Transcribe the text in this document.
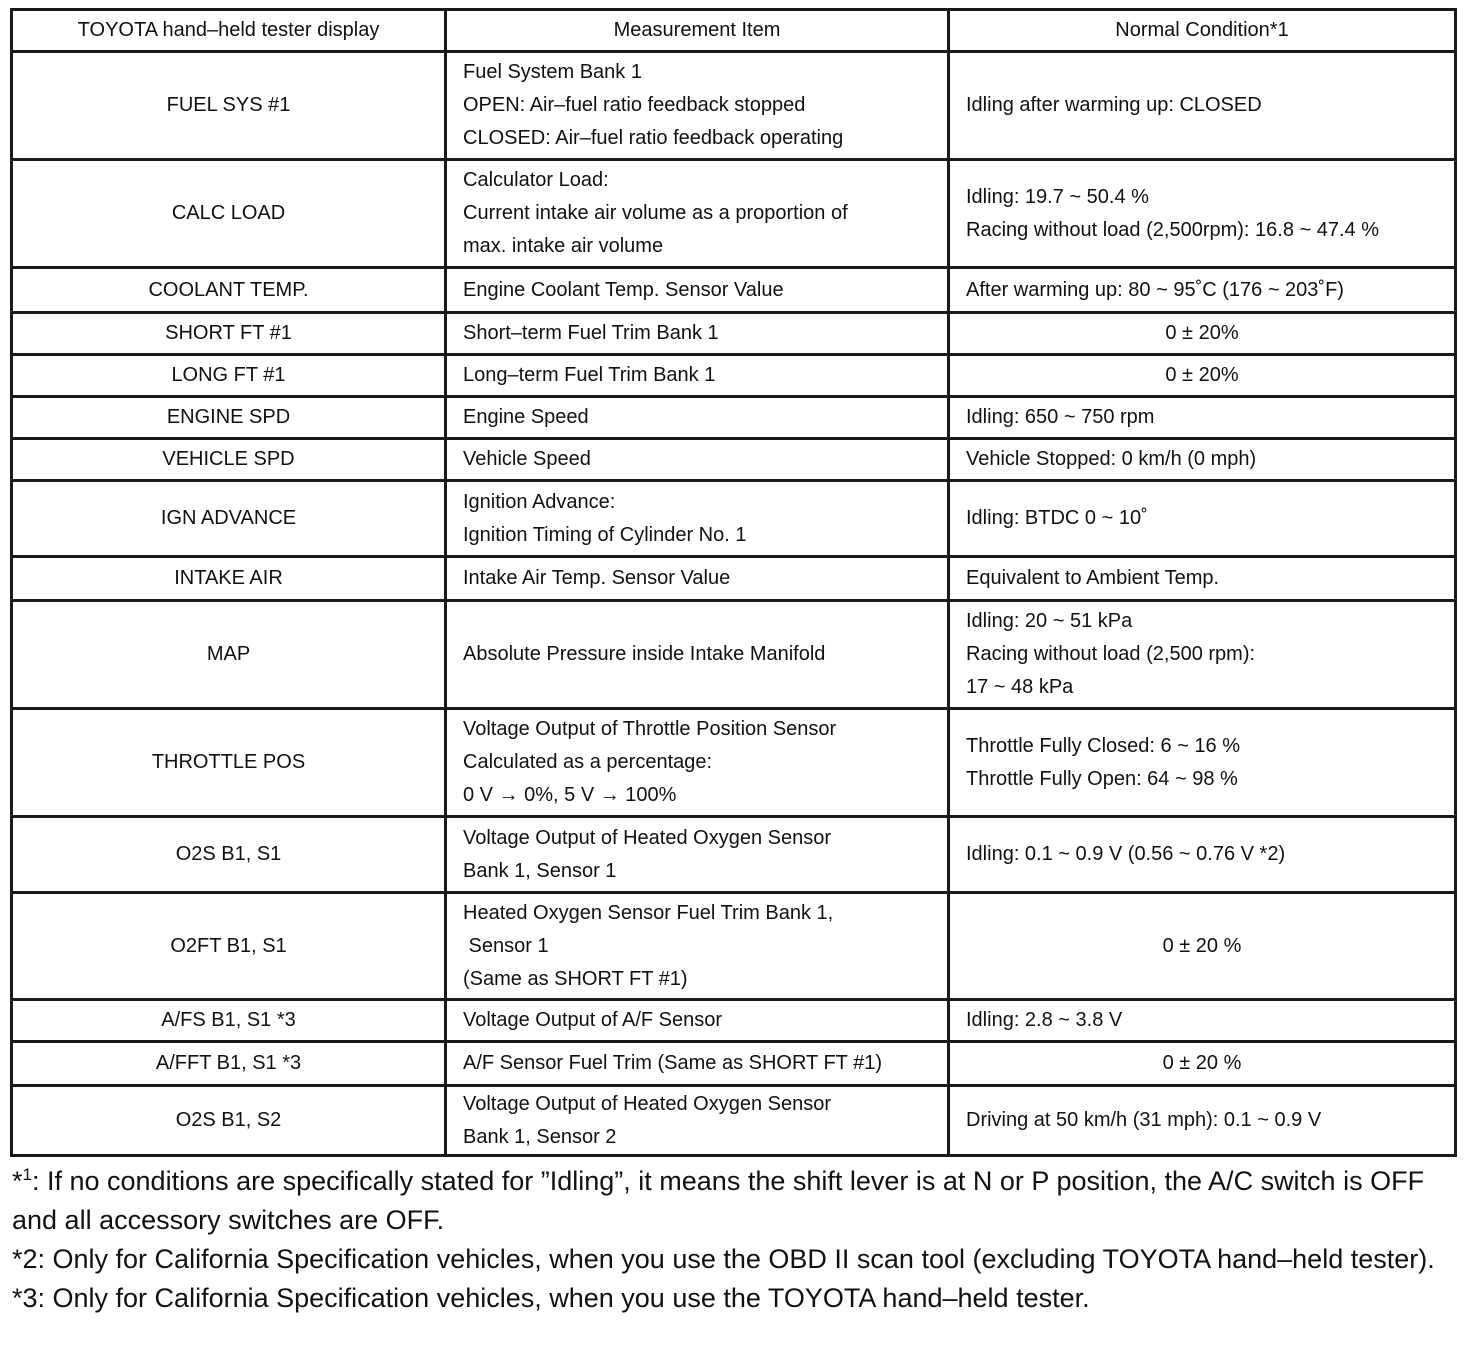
TOYOTA hand–held tester display	Measurement Item	Normal Condition*1
FUEL SYS #1	Fuel System Bank 1
OPEN: Air–fuel ratio feedback stopped
CLOSED: Air–fuel ratio feedback operating	Idling after warming up: CLOSED

CALC LOAD	Calculator Load:
Current intake air volume as a proportion of
max. intake air volume	Idling: 19.7 ~ 50.4 %
Racing without load (2,500rpm): 16.8 ~ 47.4 %

COOLANT TEMP.	Engine Coolant Temp. Sensor Value	After warming up: 80 ~ 95˚C (176 ~ 203˚F)

SHORT FT #1	Short–term Fuel Trim Bank 1	0 ± 20%

LONG FT #1	Long–term Fuel Trim Bank 1	0 ± 20%

ENGINE SPD	Engine Speed	Idling: 650 ~ 750 rpm

VEHICLE SPD	Vehicle Speed	Vehicle Stopped: 0 km/h (0 mph)

IGN ADVANCE	Ignition Advance:
Ignition Timing of Cylinder No. 1	Idling: BTDC 0 ~ 10˚

INTAKE AIR	Intake Air Temp. Sensor Value	Equivalent to Ambient Temp.

MAP	Absolute Pressure inside Intake Manifold	Idling: 20 ~ 51 kPa
Racing without load (2,500 rpm):
17 ~ 48 kPa

THROTTLE POS	Voltage Output of Throttle Position Sensor
Calculated as a percentage:
0 V → 0%, 5 V → 100%	Throttle Fully Closed: 6 ~ 16 %
Throttle Fully Open: 64 ~ 98 %

O2S B1, S1	Voltage Output of Heated Oxygen Sensor
Bank 1, Sensor 1	Idling: 0.1 ~ 0.9 V (0.56 ~ 0.76 V *2)

O2FT B1, S1	Heated Oxygen Sensor Fuel Trim Bank 1,
Sensor 1
(Same as SHORT FT #1)	0 ± 20 %

A/FS B1, S1 *3	Voltage Output of A/F Sensor	Idling: 2.8 ~ 3.8 V

A/FFT B1, S1 *3	A/F Sensor Fuel Trim (Same as SHORT FT #1)	0 ± 20 %

O2S B1, S2	Voltage Output of Heated Oxygen Sensor
Bank 1, Sensor 2	Driving at 50 km/h (31 mph): 0.1 ~ 0.9 V

*$^1$: If no conditions are specifically stated for ”Idling”, it means the shift lever is at N or P position, the A/C switch is OFF and all accessory switches are OFF.

*2: Only for California Specification vehicles, when you use the OBD II scan tool (excluding TOYOTA hand–held tester).

*3: Only for California Specification vehicles, when you use the TOYOTA hand–held tester.
